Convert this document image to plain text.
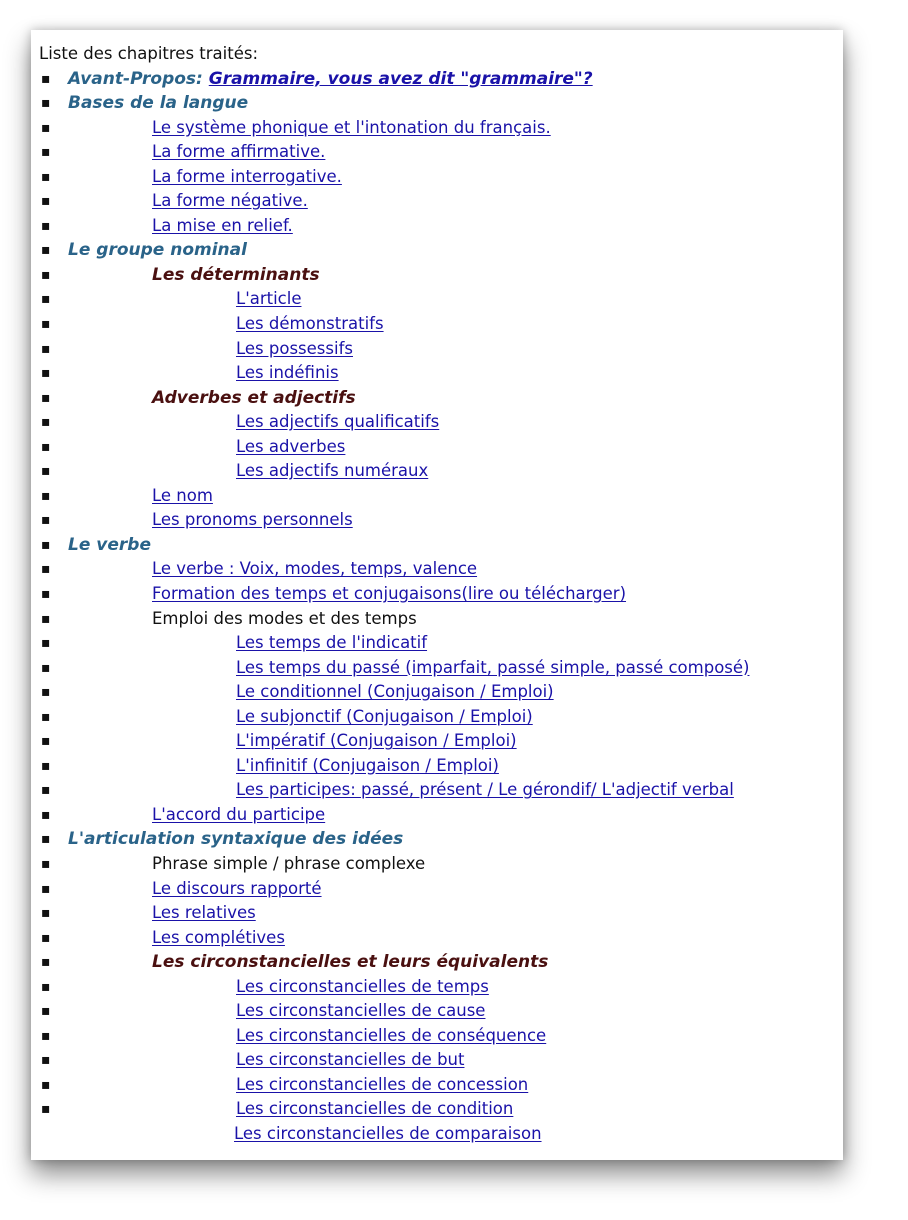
Liste des chapitres traités:

▪ Avant-Propos: Grammaire, vous avez dit "grammaire"?
▪ Bases de la langue
▪	Le système phonique et l'intonation du français.
▪	La forme affirmative.
▪	La forme interrogative.
▪	La forme négative.
▪	La mise en relief.
▪ Le groupe nominal
▪	Les déterminants
▪	L'article
▪	Les démonstratifs
▪	Les possessifs
▪	Les indéfinis
▪	Adverbes et adjectifs
▪	Les adjectifs qualificatifs
▪	Les adverbes
▪	Les adjectifs numéraux
▪	Le nom
▪	Les pronoms personnels
▪ Le verbe
▪	Le verbe : Voix, modes, temps, valence
▪	Formation des temps et conjugaisons(lire ou télécharger)
▪	Emploi des modes et des temps
▪	Les temps de l'indicatif
▪	Les temps du passé (imparfait, passé simple, passé composé)
▪	Le conditionnel (Conjugaison / Emploi)
▪	Le subjonctif (Conjugaison / Emploi)
▪	L'impératif (Conjugaison / Emploi)
▪	L'infinitif (Conjugaison / Emploi)
▪	Les participes: passé, présent / Le gérondif/ L'adjectif verbal
▪	L'accord du participe
▪ L'articulation syntaxique des idées
▪	Phrase simple / phrase complexe
▪	Le discours rapporté
▪	Les relatives
▪	Les complétives
▪	Les circonstancielles et leurs équivalents
▪	Les circonstancielles de temps
▪	Les circonstancielles de cause
▪	Les circonstancielles de conséquence
▪	Les circonstancielles de but
▪	Les circonstancielles de concession
▪	Les circonstancielles de condition
Les circonstancielles de comparaison
